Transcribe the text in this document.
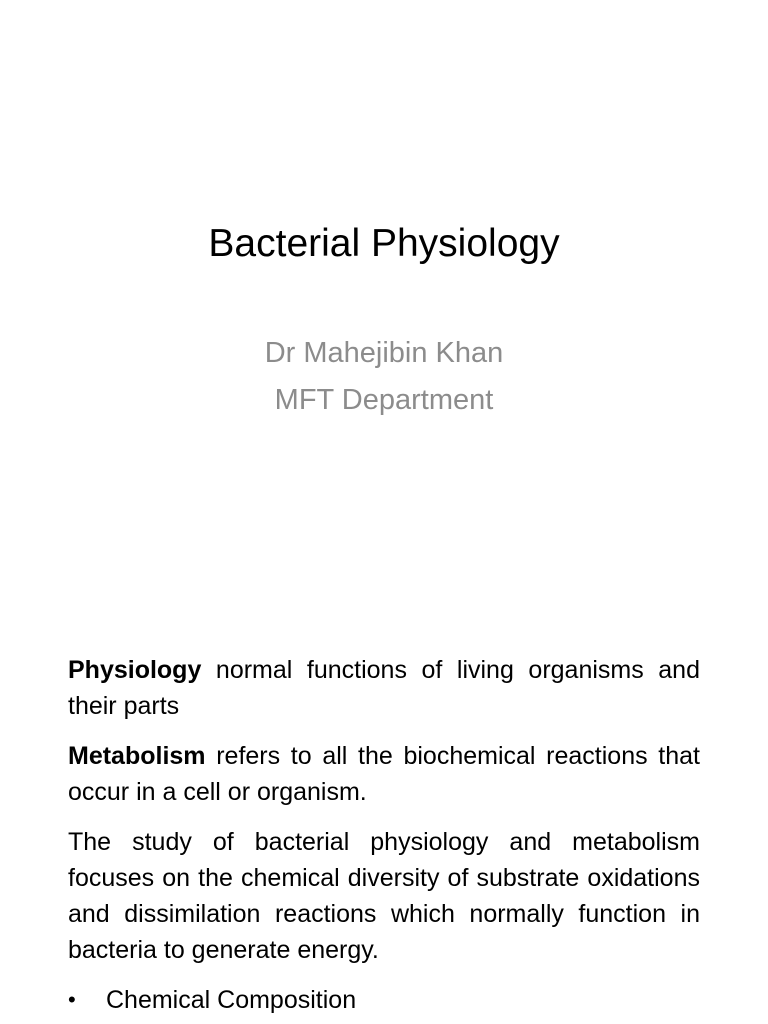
Bacterial Physiology
Dr Mahejibin Khan
MFT Department

Physiology normal functions of living organisms and their parts

Metabolism refers to all the biochemical reactions that occur in a cell or organism.

The study of bacterial physiology and metabolism focuses on the chemical diversity of substrate oxidations and dissimilation reactions which normally function in bacteria to generate energy.

• Chemical Composition
